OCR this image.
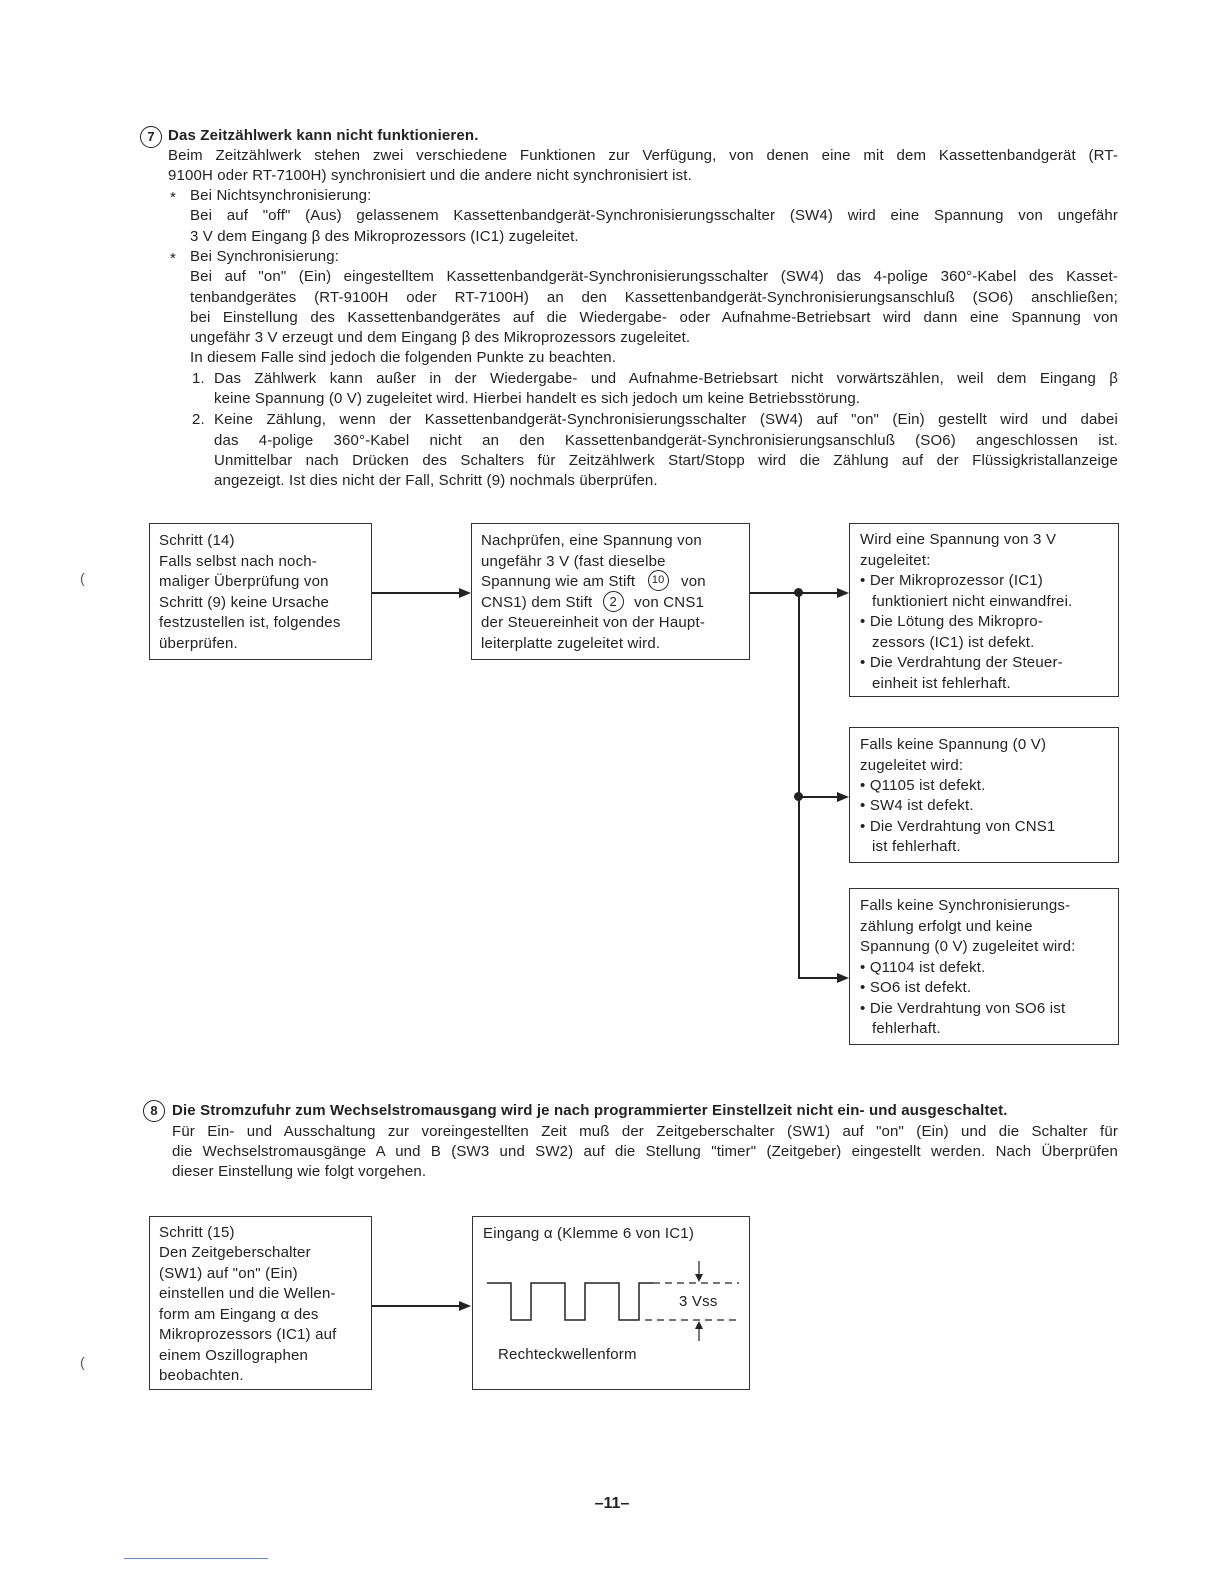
7 Das Zeitzählwerk kann nicht funktionieren.
Beim Zeitzählwerk stehen zwei verschiedene Funktionen zur Verfügung, von denen eine mit dem Kassettenbandgerät (RT-
9100H oder RT-7100H) synchronisiert und die andere nicht synchronisiert ist.
* Bei Nichtsynchronisierung:
Bei auf "off" (Aus) gelassenem Kassettenbandgerät-Synchronisierungsschalter (SW4) wird eine Spannung von ungefähr
3 V dem Eingang β des Mikroprozessors (IC1) zugeleitet.
* Bei Synchronisierung:
Bei auf "on" (Ein) eingestelltem Kassettenbandgerät-Synchronisierungsschalter (SW4) das 4-polige 360°-Kabel des Kasset-
tenbandgerätes (RT-9100H oder RT-7100H) an den Kassettenbandgerät-Synchronisierungsanschluß (SO6) anschließen;
bei Einstellung des Kassettenbandgerätes auf die Wiedergabe- oder Aufnahme-Betriebsart wird dann eine Spannung von
ungefähr 3 V erzeugt und dem Eingang β des Mikroprozessors zugeleitet.
In diesem Falle sind jedoch die folgenden Punkte zu beachten.
1. Das Zählwerk kann außer in der Wiedergabe- und Aufnahme-Betriebsart nicht vorwärtszählen, weil dem Eingang β
keine Spannung (0 V) zugeleitet wird. Hierbei handelt es sich jedoch um keine Betriebsstörung.
2. Keine Zählung, wenn der Kassettenbandgerät-Synchronisierungsschalter (SW4) auf "on" (Ein) gestellt wird und dabei
das 4-polige 360°-Kabel nicht an den Kassettenbandgerät-Synchronisierungsanschluß (SO6) angeschlossen ist.
Unmittelbar nach Drücken des Schalters für Zeitzählwerk Start/Stopp wird die Zählung auf der Flüssigkristallanzeige
angezeigt. Ist dies nicht der Fall, Schritt (9) nochmals überprüfen.
Schritt (14)
Falls selbst nach noch-
maliger Überprüfung von
Schritt (9) keine Ursache
festzustellen ist, folgendes
überprüfen.
Nachprüfen, eine Spannung von
ungefähr 3 V (fast dieselbe
Spannung wie am Stift 10 von
CNS1) dem Stift 2 von CNS1
der Steuereinheit von der Haupt-
leiterplatte zugeleitet wird.
Wird eine Spannung von 3 V
zugeleitet:
• Der Mikroprozessor (IC1)
funktioniert nicht einwandfrei.
• Die Lötung des Mikropro-
zessors (IC1) ist defekt.
• Die Verdrahtung der Steuer-
einheit ist fehlerhaft.
Falls keine Spannung (0 V)
zugeleitet wird:
• Q1105 ist defekt.
• SW4 ist defekt.
• Die Verdrahtung von CNS1
ist fehlerhaft.
Falls keine Synchronisierungs-
zählung erfolgt und keine
Spannung (0 V) zugeleitet wird:
• Q1104 ist defekt.
• SO6 ist defekt.
• Die Verdrahtung von SO6 ist
fehlerhaft.
8 Die Stromzufuhr zum Wechselstromausgang wird je nach programmierter Einstellzeit nicht ein- und ausgeschaltet.
Für Ein- und Ausschaltung zur voreingestellten Zeit muß der Zeitgeberschalter (SW1) auf "on" (Ein) und die Schalter für
die Wechselstromausgänge A und B (SW3 und SW2) auf die Stellung "timer" (Zeitgeber) eingestellt werden. Nach Überprüfen
dieser Einstellung wie folgt vorgehen.
Schritt (15)
Den Zeitgeberschalter
(SW1) auf "on" (Ein)
einstellen und die Wellen-
form am Eingang α des
Mikroprozessors (IC1) auf
einem Oszillographen
beobachten.
Eingang α (Klemme 6 von IC1)
3 Vss
Rechteckwellenform
(
(
–11–
